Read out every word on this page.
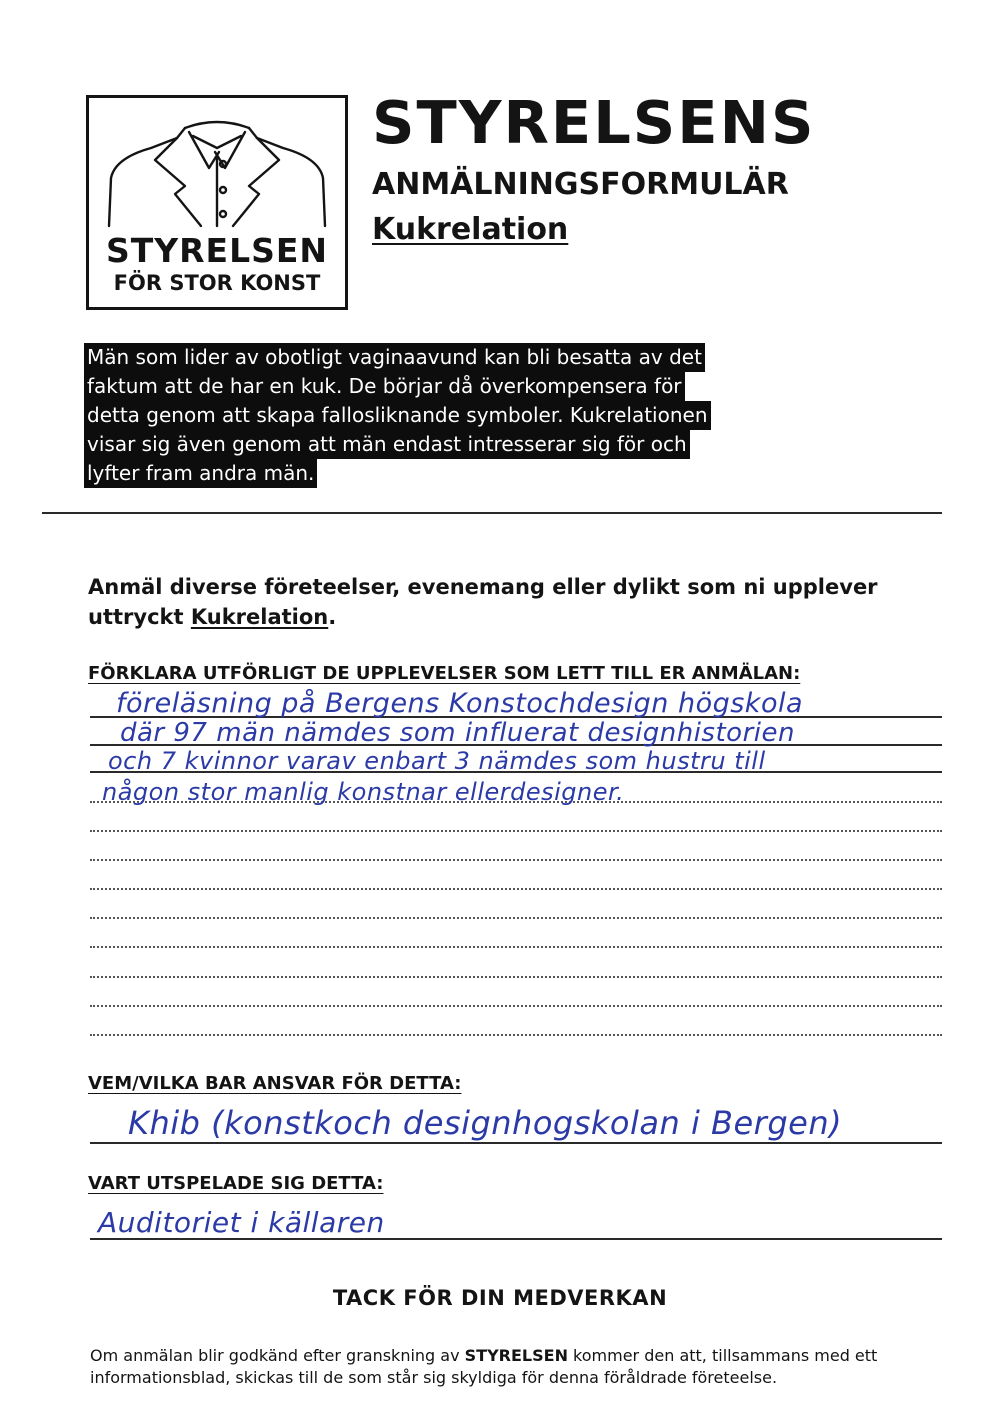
STYRELSEN
FÖR STOR KONST
STYRELSENS
ANMÄLNINGSFORMULÄR
Kukrelation
Män som lider av obotligt vaginaavund kan bli besatta av det
faktum att de har en kuk. De börjar då överkompensera för
detta genom att skapa fallosliknande symboler. Kukrelationen
visar sig även genom att män endast intresserar sig för och
lyfter fram andra män.
Anmäl diverse företeelser, evenemang eller dylikt som ni upplever uttryckt Kukrelation.
FÖRKLARA UTFÖRLIGT DE UPPLEVELSER SOM LETT TILL ER ANMÄLAN:
föreläsning på Bergens Konstochdesign högskola
där 97 män nämdes som influerat designhistorien
och 7 kvinnor varav enbart 3 nämdes som hustru till
någon stor manlig konstnar ellerdesigner.
VEM/VILKA BAR ANSVAR FÖR DETTA:
Khib (konstkoch designhogskolan i Bergen)
VART UTSPELADE SIG DETTA:
Auditoriet i källaren
TACK FÖR DIN MEDVERKAN
Om anmälan blir godkänd efter granskning av STYRELSEN kommer den att, tillsammans med ett informationsblad, skickas till de som står sig skyldiga för denna föråldrade företeelse.
